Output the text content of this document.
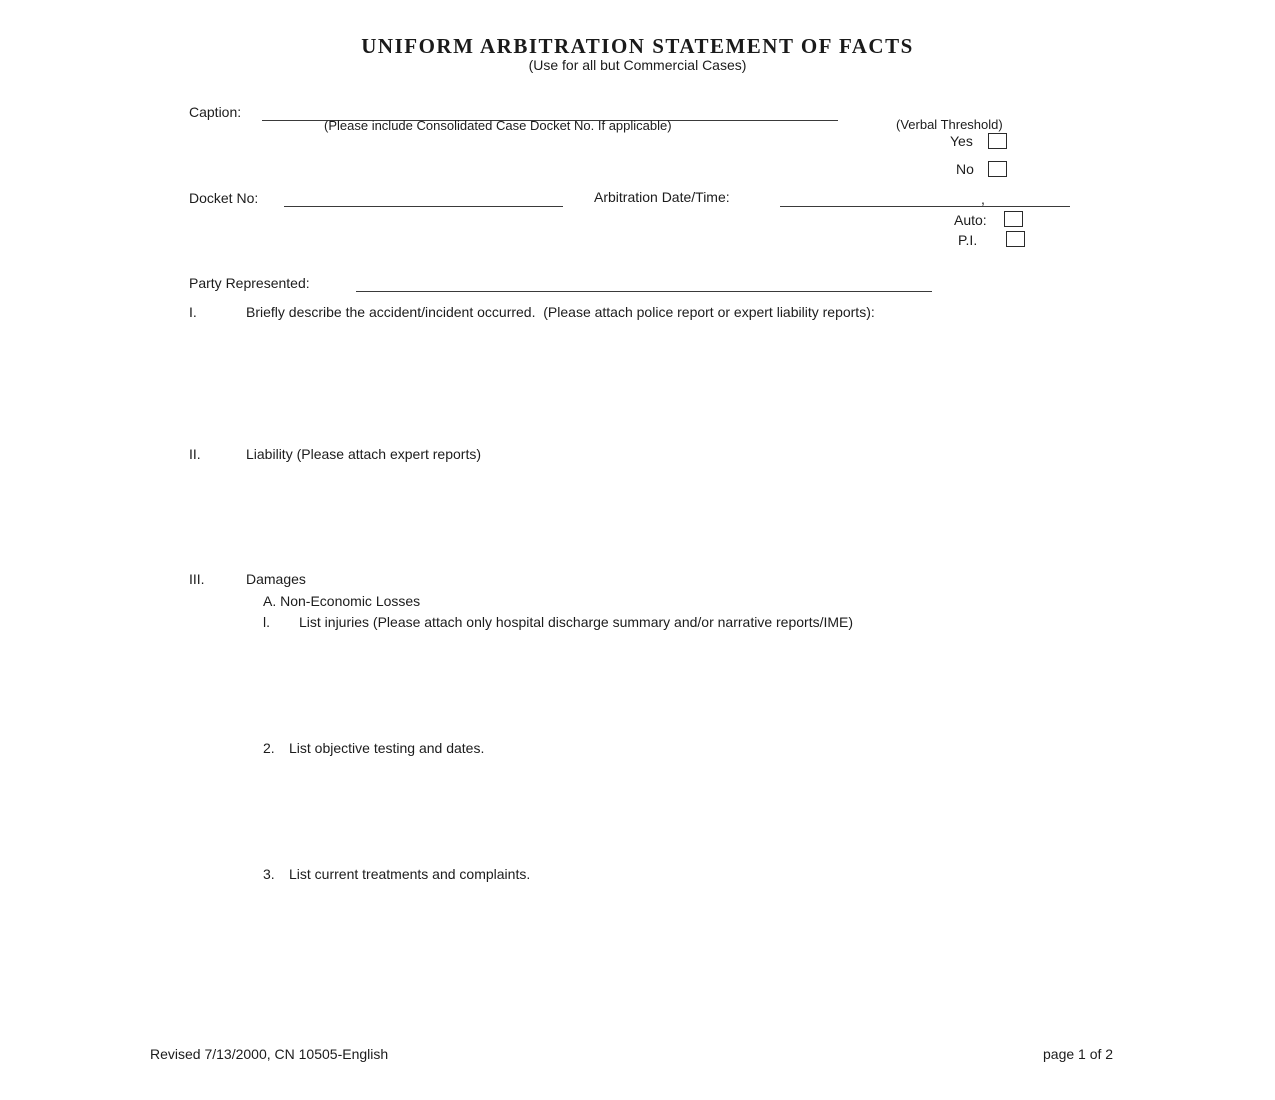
UNIFORM ARBITRATION STATEMENT OF FACTS
(Use for all but Commercial Cases)
Caption:
(Please include Consolidated Case Docket No. If applicable)	(Verbal Threshold)
Yes
No
Docket No:	Arbitration Date/Time:	,
Auto:
P.I.
Party Represented:
I.	Briefly describe the accident/incident occurred.  (Please attach police report or expert liability reports):
II.	Liability (Please attach expert reports)
III.	Damages
A. Non-Economic Losses
l. List injuries (Please attach only hospital discharge summary and/or narrative reports/IME)
2. List objective testing and dates.
3. List current treatments and complaints.
Revised 7/13/2000, CN 10505-English	page 1 of 2
